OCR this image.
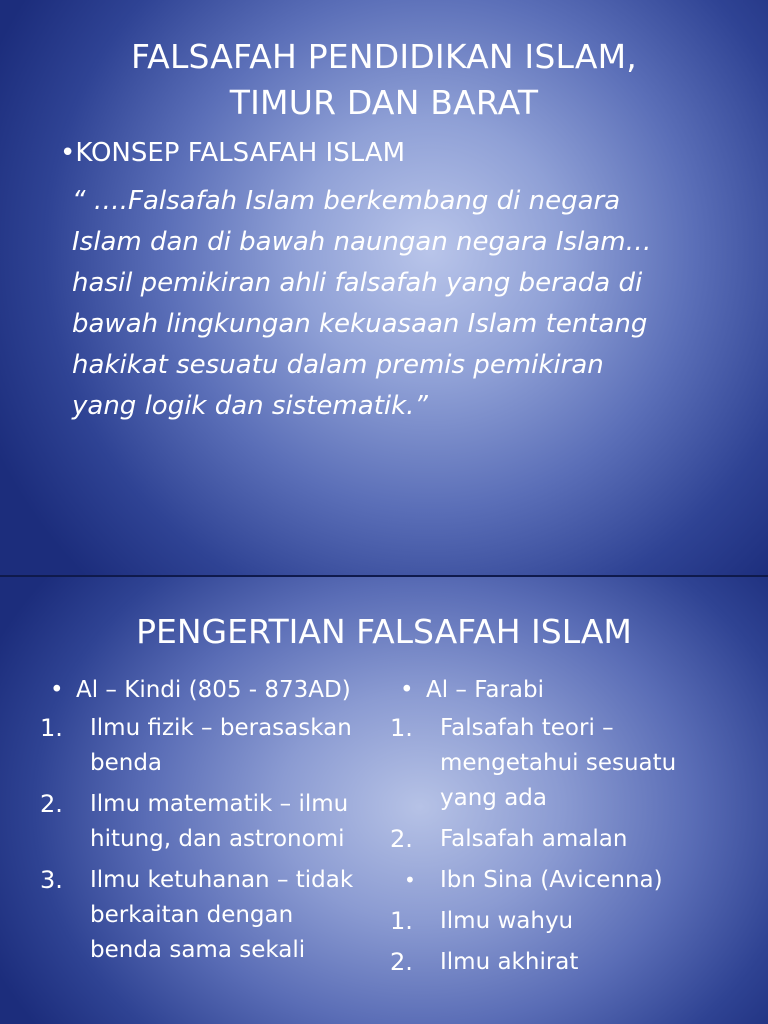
FALSAFAH PENDIDIKAN ISLAM,
TIMUR DAN BARAT
•KONSEP FALSAFAH ISLAM
“ ….Falsafah Islam berkembang di negara
Islam dan di bawah naungan negara Islam…
hasil pemikiran ahli falsafah yang berada di
bawah lingkungan kekuasaan Islam tentang
hakikat sesuatu dalam premis pemikiran
yang logik dan sistematik.”
PENGERTIAN FALSAFAH ISLAM
• Al – Kindi (805 - 873AD)
1. Ilmu fizik – berasaskan
benda
2. Ilmu matematik – ilmu
hitung, dan astronomi
3. Ilmu ketuhanan – tidak
berkaitan dengan
benda sama sekali
• Al – Farabi
1. Falsafah teori –
mengetahui sesuatu
yang ada
2. Falsafah amalan
• Ibn Sina (Avicenna)
1. Ilmu wahyu
2. Ilmu akhirat
